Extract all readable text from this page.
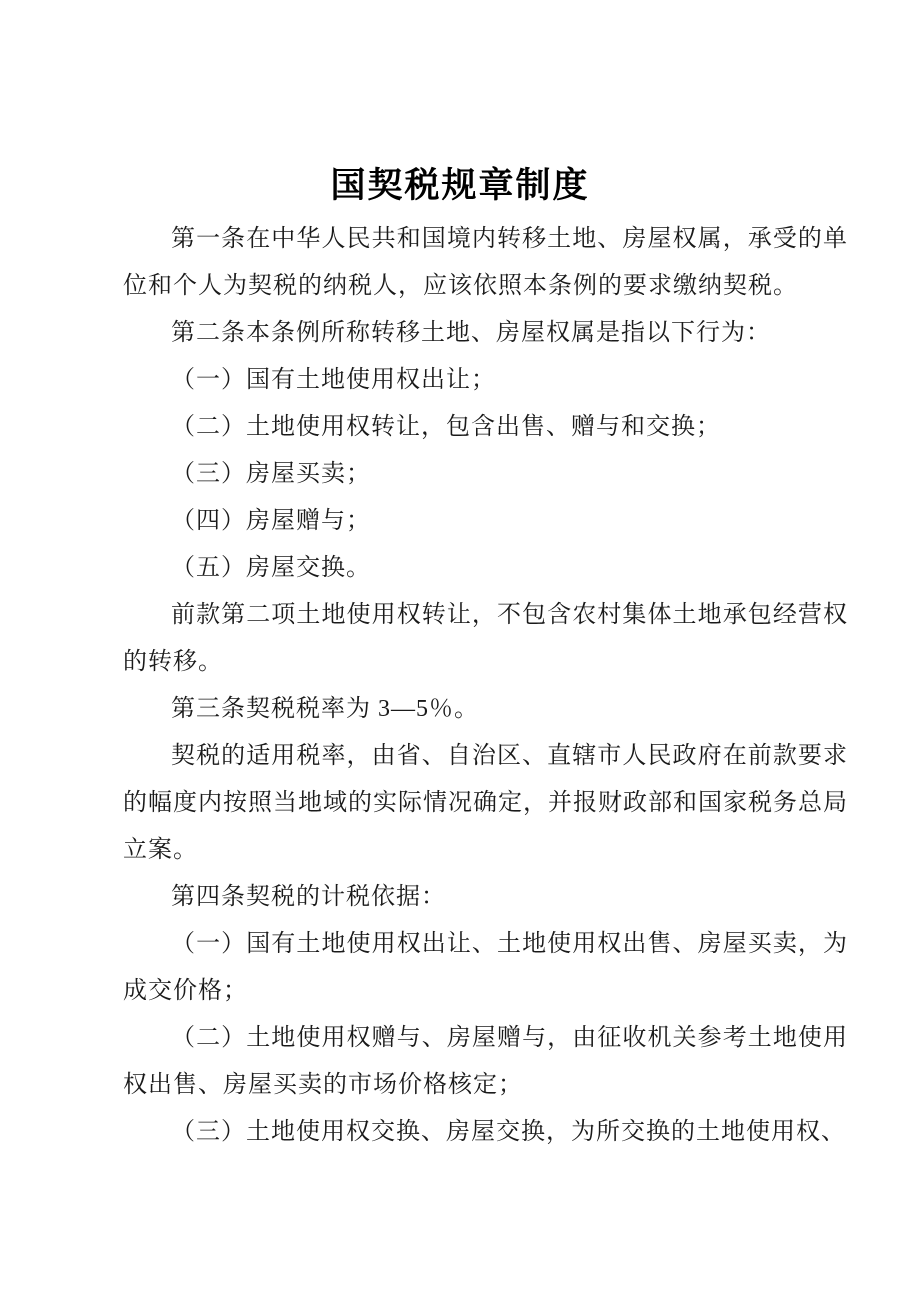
国契税规章制度

第一条在中华人民共和国境内转移土地、房屋权属，承受的单位和个人为契税的纳税人，应该依照本条例的要求缴纳契税。

第二条本条例所称转移土地、房屋权属是指以下行为：

（一）国有土地使用权出让；

（二）土地使用权转让，包含出售、赠与和交换；

（三）房屋买卖；

（四）房屋赠与；

（五）房屋交换。

前款第二项土地使用权转让，不包含农村集体土地承包经营权的转移。

第三条契税税率为 3—5％。

契税的适用税率，由省、自治区、直辖市人民政府在前款要求的幅度内按照当地域的实际情况确定，并报财政部和国家税务总局立案。

第四条契税的计税依据：

（一）国有土地使用权出让、土地使用权出售、房屋买卖，为成交价格；

（二）土地使用权赠与、房屋赠与，由征收机关参考土地使用权出售、房屋买卖的市场价格核定；

（三）土地使用权交换、房屋交换，为所交换的土地使用权、
